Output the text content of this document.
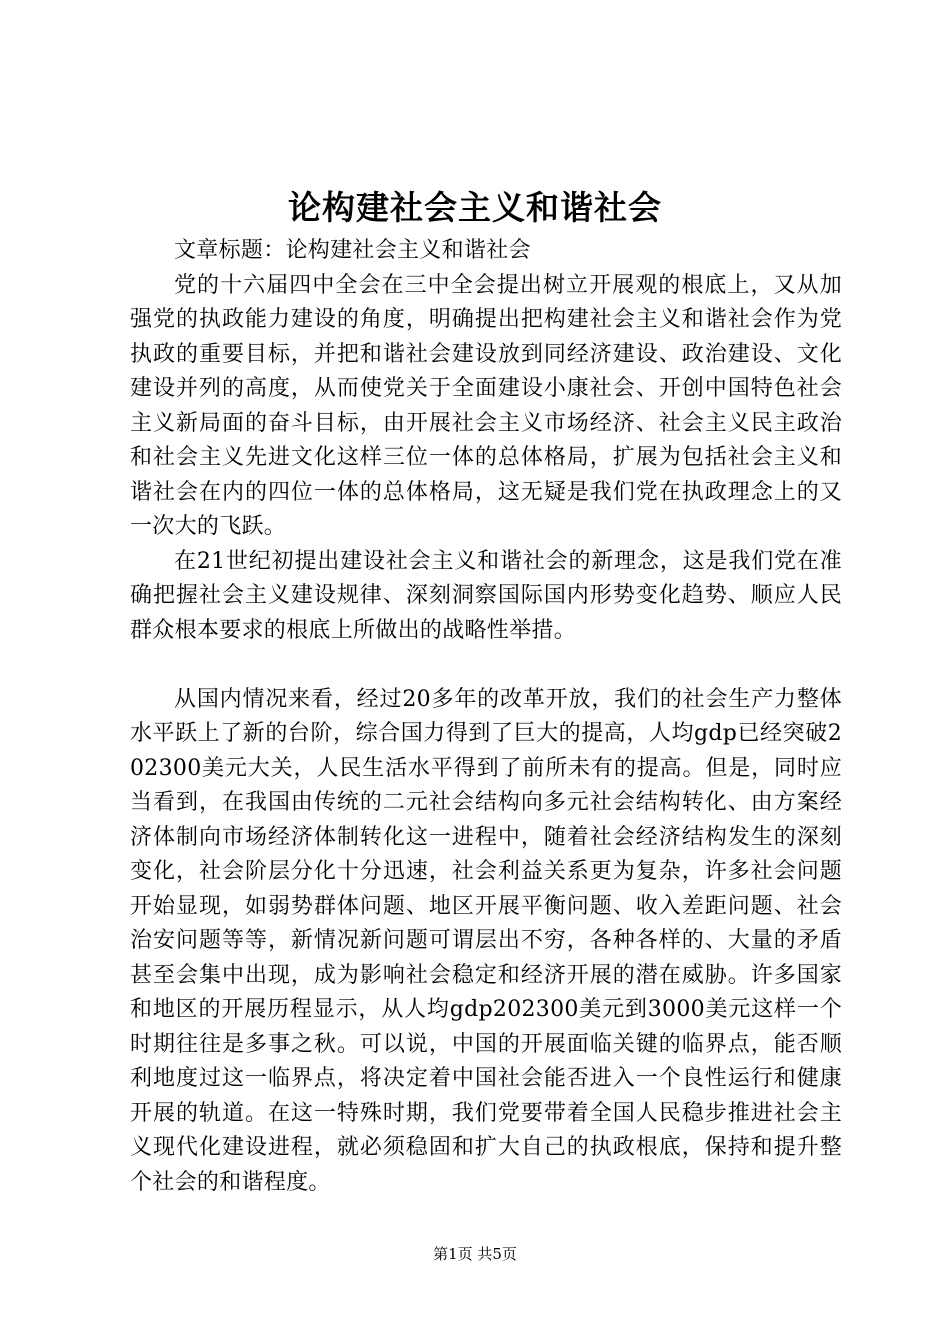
论构建社会主义和谐社会

文章标题：论构建社会主义和谐社会

党的十六届四中全会在三中全会提出树立开展观的根底上，又从加强党的执政能力建设的角度，明确提出把构建社会主义和谐社会作为党执政的重要目标，并把和谐社会建设放到同经济建设、政治建设、文化建设并列的高度，从而使党关于全面建设小康社会、开创中国特色社会主义新局面的奋斗目标，由开展社会主义市场经济、社会主义民主政治和社会主义先进文化这样三位一体的总体格局，扩展为包括社会主义和谐社会在内的四位一体的总体格局，这无疑是我们党在执政理念上的又一次大的飞跃。

在21世纪初提出建设社会主义和谐社会的新理念，这是我们党在准确把握社会主义建设规律、深刻洞察国际国内形势变化趋势、顺应人民群众根本要求的根底上所做出的战略性举措。

从国内情况来看，经过20多年的改革开放，我们的社会生产力整体水平跃上了新的台阶，综合国力得到了巨大的提高，人均gdp已经突破202300美元大关，人民生活水平得到了前所未有的提高。但是，同时应当看到，在我国由传统的二元社会结构向多元社会结构转化、由方案经济体制向市场经济体制转化这一进程中，随着社会经济结构发生的深刻变化，社会阶层分化十分迅速，社会利益关系更为复杂，许多社会问题开始显现，如弱势群体问题、地区开展平衡问题、收入差距问题、社会治安问题等等，新情况新问题可谓层出不穷，各种各样的、大量的矛盾甚至会集中出现，成为影响社会稳定和经济开展的潜在威胁。许多国家和地区的开展历程显示，从人均gdp202300美元到3000美元这样一个时期往往是多事之秋。可以说，中国的开展面临关键的临界点，能否顺利地度过这一临界点，将决定着中国社会能否进入一个良性运行和健康开展的轨道。在这一特殊时期，我们党要带着全国人民稳步推进社会主义现代化建设进程，就必须稳固和扩大自己的执政根底，保持和提升整个社会的和谐程度。

第1页 共5页
